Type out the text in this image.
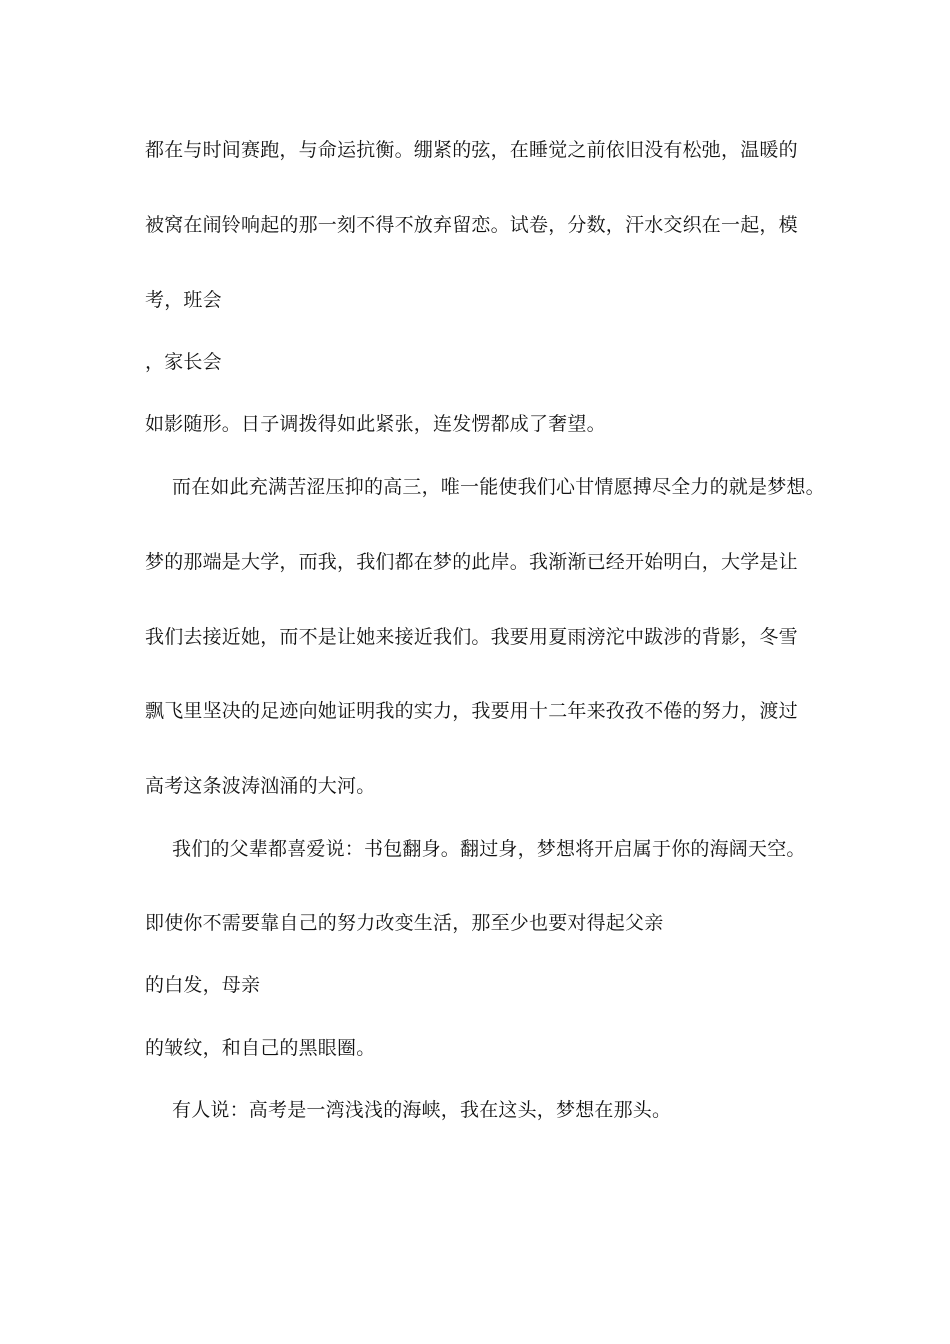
都在与时间赛跑，与命运抗衡。绷紧的弦，在睡觉之前依旧没有松弛，温暖的
被窝在闹铃响起的那一刻不得不放弃留恋。试卷，分数，汗水交织在一起，模
考，班会
，家长会
如影随形。日子调拨得如此紧张，连发愣都成了奢望。
而在如此充满苦涩压抑的高三，唯一能使我们心甘情愿搏尽全力的就是梦想。
梦的那端是大学，而我，我们都在梦的此岸。我渐渐已经开始明白，大学是让
我们去接近她，而不是让她来接近我们。我要用夏雨滂沱中跋涉的背影，冬雪
飘飞里坚决的足迹向她证明我的实力，我要用十二年来孜孜不倦的努力，渡过
高考这条波涛汹涌的大河。
我们的父辈都喜爱说：书包翻身。翻过身，梦想将开启属于你的海阔天空。
即使你不需要靠自己的努力改变生活，那至少也要对得起父亲
的白发，母亲
的皱纹，和自己的黑眼圈。
有人说：高考是一湾浅浅的海峡，我在这头，梦想在那头。
